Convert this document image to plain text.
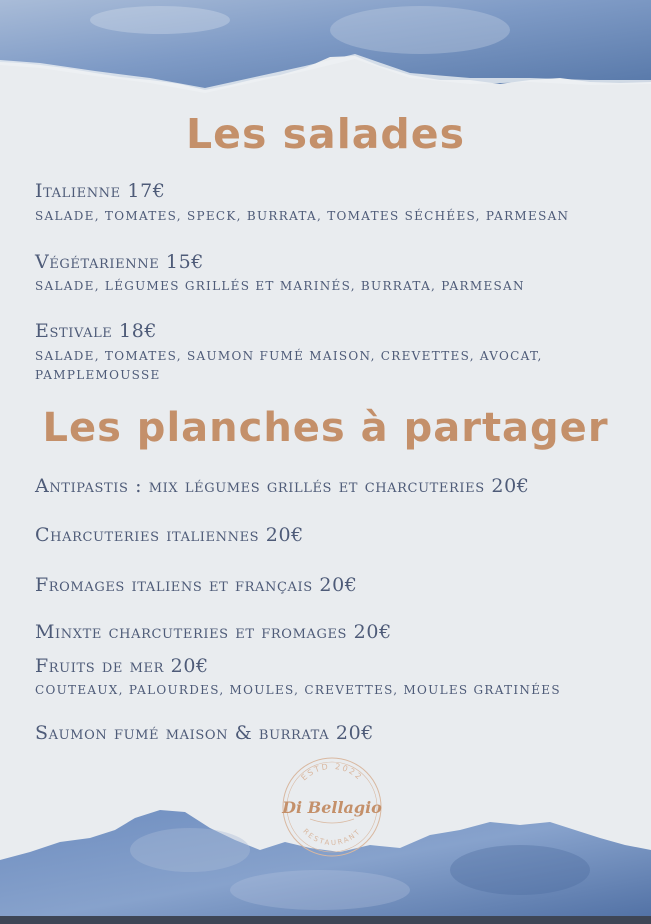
Les salades

Italienne 17€

SALADE, TOMATES, SPECK, BURRATA, TOMATES SÉCHÉES, PARMESAN

Végétarienne 15€

SALADE, LÉGUMES GRILLÉS ET MARINÉS, BURRATA, PARMESAN

Estivale 18€

SALADE, TOMATES, SAUMON FUMÉ MAISON, CREVETTES, AVOCAT, PAMPLEMOUSSE

Les planches à partager

Antipastis : mix légumes grillés et charcuteries 20€

Charcuteries italiennes 20€

Fromages italiens et français 20€

Minxte charcuteries et fromages 20€

Fruits de mer 20€

COUTEAUX, PALOURDES, MOULES, CREVETTES, MOULES GRATINÉES

Saumon fumé maison & burrata 20€

ESTD 2022
RESTAURANT
Di Bellagio
